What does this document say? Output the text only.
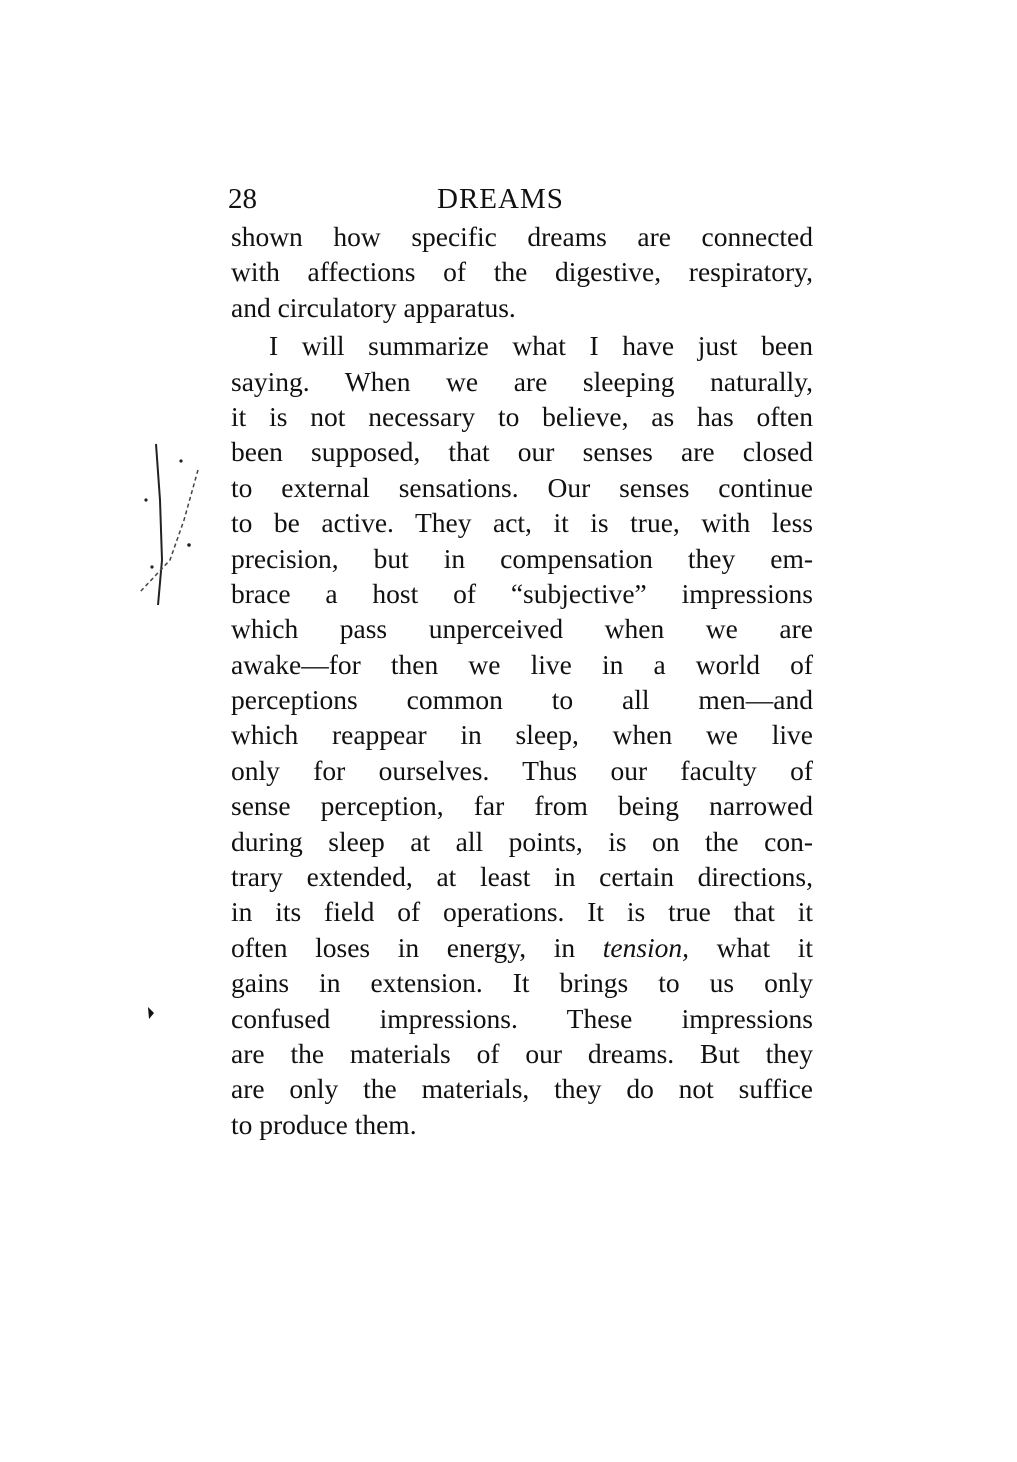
28	DREAMS
shown how specific dreams are connected
with affections of the digestive, respiratory,
and circulatory apparatus.
I will summarize what I have just been
saying. When we are sleeping naturally,
it is not necessary to believe, as has often
been supposed, that our senses are closed
to external sensations. Our senses continue
to be active. They act, it is true, with less
precision, but in compensation they em-
brace a host of “subjective” impressions
which pass unperceived when we are
awake—for then we live in a world of
perceptions common to all men—and
which reappear in sleep, when we live
only for ourselves. Thus our faculty of
sense perception, far from being narrowed
during sleep at all points, is on the con-
trary extended, at least in certain directions,
in its field of operations. It is true that it
often loses in energy, in tension, what it
gains in extension. It brings to us only
confused impressions. These impressions
are the materials of our dreams. But they
are only the materials, they do not suffice
to produce them.
